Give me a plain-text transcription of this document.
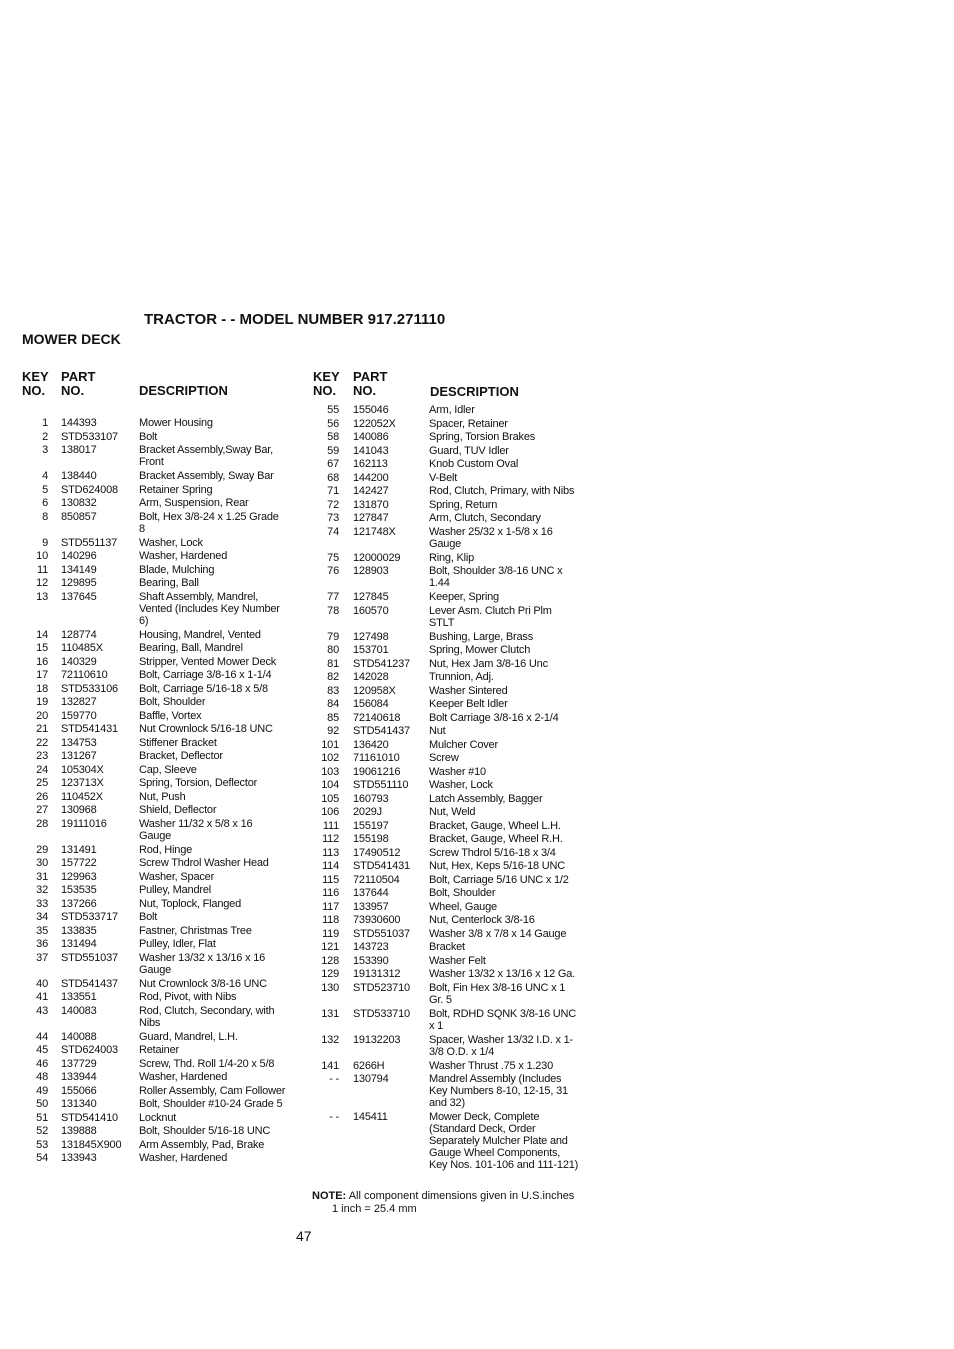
TRACTOR - - MODEL NUMBER 917.271110
MOWER DECK
KEY
NO.
PART
NO.	DESCRIPTION
KEY
NO.
PART
NO.	DESCRIPTION
1 144393	Mower Housing
2 STD533107	Bolt
3 138017	Bracket Assembly,Sway Bar,
Front
4 138440	Bracket Assembly, Sway Bar
5 STD624008	Retainer Spring
6 130832	Arm, Suspension, Rear
8 850857	Bolt, Hex 3/8-24 x 1.25 Grade
8
9 STD551137	Washer, Lock
10 140296	Washer, Hardened
11 134149	Blade, Mulching
12 129895	Bearing, Ball
13 137645	Shaft Assembly, Mandrel,
Vented (Includes Key Number
6)
14 128774	Housing, Mandrel, Vented
15 110485X	Bearing, Ball, Mandrel
16 140329	Stripper, Vented Mower Deck
17 72110610	Bolt, Carriage 3/8-16 x 1-1/4
18 STD533106	Bolt, Carriage 5/16-18 x 5/8
19 132827	Bolt, Shoulder
20 159770	Baffle, Vortex
21 STD541431	Nut Crownlock 5/16-18 UNC
22 134753	Stiffener Bracket
23 131267	Bracket, Deflector
24 105304X	Cap, Sleeve
25 123713X	Spring, Torsion, Deflector
26 110452X	Nut, Push
27 130968	Shield, Deflector
28 19111016	Washer 11/32 x 5/8 x 16
Gauge
29 131491	Rod, Hinge
30 157722	Screw Thdrol Washer Head
31 129963	Washer, Spacer
32 153535	Pulley, Mandrel
33 137266	Nut, Toplock, Flanged
34 STD533717	Bolt
35 133835	Fastner, Christmas Tree
36 131494	Pulley, Idler, Flat
37 STD551037	Washer 13/32 x 13/16 x 16
Gauge
40 STD541437	Nut Crownlock 3/8-16 UNC
41 133551	Rod, Pivot, with Nibs
43 140083	Rod, Clutch, Secondary, with
Nibs
44 140088	Guard, Mandrel, L.H.
45 STD624003	Retainer
46 137729	Screw, Thd. Roll 1/4-20 x 5/8
48 133944	Washer, Hardened
49 155066	Roller Assembly, Cam Follower
50 131340	Bolt, Shoulder #10-24 Grade 5
51 STD541410	Locknut
52 139888	Bolt, Shoulder 5/16-18 UNC
53 131845X900	Arm Assembly, Pad, Brake
54 133943	Washer, Hardened
55 155046	Arm, Idler
56 122052X	Spacer, Retainer
58 140086	Spring, Torsion Brakes
59 141043	Guard, TUV Idler
67 162113	Knob Custom Oval
68 144200	V-Belt
71 142427	Rod, Clutch, Primary, with Nibs
72 131870	Spring, Return
73 127847	Arm, Clutch, Secondary
74 121748X	Washer 25/32 x 1-5/8 x 16
Gauge
75 12000029	Ring, Klip
76 128903	Bolt, Shoulder 3/8-16 UNC x
1.44
77 127845	Keeper, Spring
78 160570	Lever Asm. Clutch Pri Plm
STLT
79 127498	Bushing, Large, Brass
80 153701	Spring, Mower Clutch
81 STD541237	Nut, Hex Jam 3/8-16 Unc
82 142028	Trunnion, Adj.
83 120958X	Washer Sintered
84 156084	Keeper Belt Idler
85 72140618	Bolt Carriage 3/8-16 x 2-1/4
92 STD541437	Nut
101 136420	Mulcher Cover
102 71161010	Screw
103 19061216	Washer #10
104 STD551110	Washer, Lock
105 160793	Latch Assembly, Bagger
106 2029J	Nut, Weld
111 155197	Bracket, Gauge, Wheel L.H.
112 155198	Bracket, Gauge, Wheel R.H.
113 17490512	Screw Thdrol 5/16-18 x 3/4
114 STD541431	Nut, Hex, Keps 5/16-18 UNC
115 72110504	Bolt, Carriage 5/16 UNC x 1/2
116 137644	Bolt, Shoulder
117 133957	Wheel, Gauge
118 73930600	Nut, Centerlock 3/8-16
119 STD551037	Washer 3/8 x 7/8 x 14 Gauge
121 143723	Bracket
128 153390	Washer Felt
129 19131312	Washer 13/32 x 13/16 x 12 Ga.
130 STD523710	Bolt, Fin Hex 3/8-16 UNC x 1
Gr. 5
131 STD533710	Bolt, RDHD SQNK 3/8-16 UNC
x 1
132 19132203	Spacer, Washer 13/32 I.D. x 1-
3/8 O.D. x 1/4
141 6266H	Washer Thrust .75 x 1.230
- - 130794	Mandrel Assembly (Includes
Key Numbers 8-10, 12-15, 31
and 32)
- - 145411	Mower Deck, Complete
(Standard Deck, Order
Separately Mulcher Plate and
Gauge Wheel Components,
Key Nos. 101-106 and 111-121)
NOTE: All component dimensions given in U.S.inches
1 inch = 25.4 mm
47
